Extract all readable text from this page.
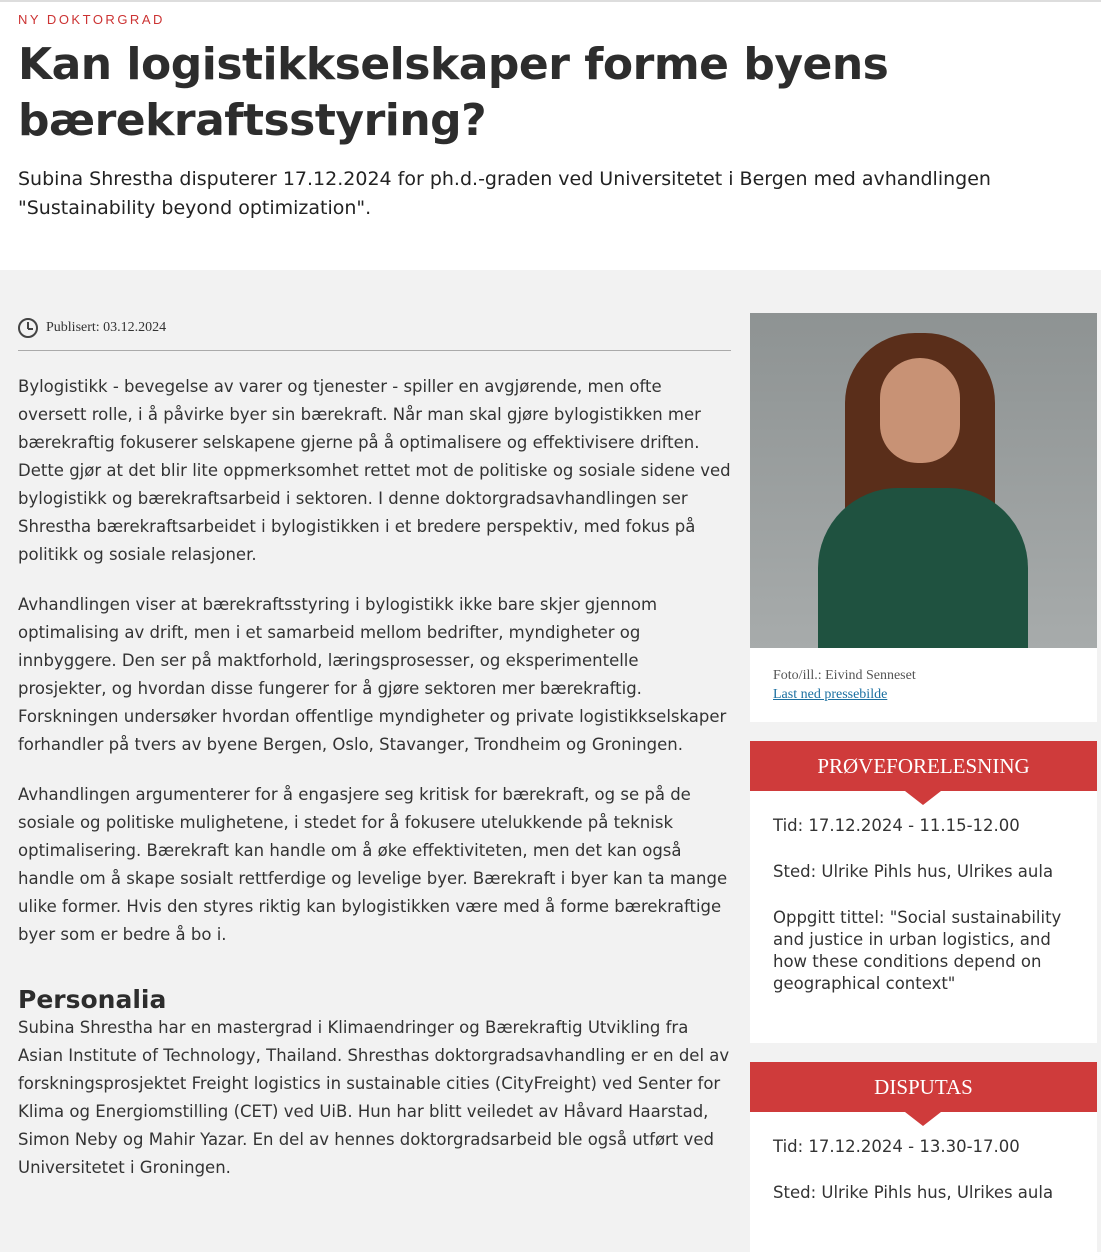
NY DOKTORGRAD
Kan logistikkselskaper forme byens bærekraftsstyring?
Subina Shrestha disputerer 17.12.2024 for ph.d.-graden ved Universitetet i Bergen med avhandlingen "Sustainability beyond optimization".
Publisert: 03.12.2024

Bylogistikk - bevegelse av varer og tjenester - spiller en avgjørende, men ofte oversett rolle, i å påvirke byer sin bærekraft. Når man skal gjøre bylogistikken mer bærekraftig fokuserer selskapene gjerne på å optimalisere og effektivisere driften. Dette gjør at det blir lite oppmerksomhet rettet mot de politiske og sosiale sidene ved bylogistikk og bærekraftsarbeid i sektoren. I denne doktorgradsavhandlingen ser Shrestha bærekraftsarbeidet i bylogistikken i et bredere perspektiv, med fokus på politikk og sosiale relasjoner.

Avhandlingen viser at bærekraftsstyring i bylogistikk ikke bare skjer gjennom optimalising av drift, men i et samarbeid mellom bedrifter, myndigheter og innbyggere. Den ser på maktforhold, læringsprosesser, og eksperimentelle prosjekter, og hvordan disse fungerer for å gjøre sektoren mer bærekraftig. Forskningen undersøker hvordan offentlige myndigheter og private logistikkselskaper forhandler på tvers av byene Bergen, Oslo, Stavanger, Trondheim og Groningen.

Avhandlingen argumenterer for å engasjere seg kritisk for bærekraft, og se på de sosiale og politiske mulighetene, i stedet for å fokusere utelukkende på teknisk optimalisering. Bærekraft kan handle om å øke effektiviteten, men det kan også handle om å skape sosialt rettferdige og levelige byer. Bærekraft i byer kan ta mange ulike former. Hvis den styres riktig kan bylogistikken være med å forme bærekraftige byer som er bedre å bo i.

Personalia

Subina Shrestha har en mastergrad i Klimaendringer og Bærekraftig Utvikling fra Asian Institute of Technology, Thailand. Shresthas doktorgradsavhandling er en del av forskningsprosjektet Freight logistics in sustainable cities (CityFreight) ved Senter for Klima og Energiomstilling (CET) ved UiB. Hun har blitt veiledet av Håvard Haarstad, Simon Neby og Mahir Yazar. En del av hennes doktorgradsarbeid ble også utført ved Universitetet i Groningen.

Foto/ill.: Eivind Senneset
Last ned pressebilde
PRØVEFORELESNING
Tid: 17.12.2024 - 11.15-12.00
Sted: Ulrike Pihls hus, Ulrikes aula
Oppgitt tittel: "Social sustainability and justice in urban logistics, and how these conditions depend on geographical context"
DISPUTAS
Tid: 17.12.2024 - 13.30-17.00
Sted: Ulrike Pihls hus, Ulrikes aula
